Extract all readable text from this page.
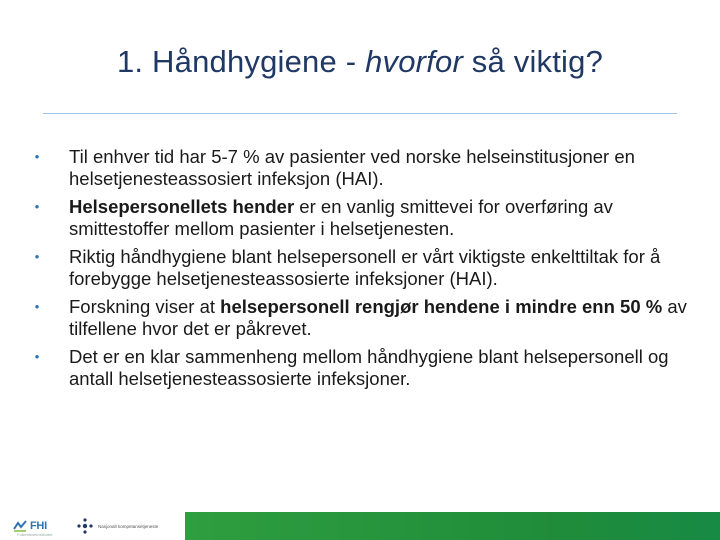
1. Håndhygiene - hvorfor så viktig?
• Til enhver tid har 5-7 % av pasienter ved norske helseinstitusjoner en helsetjenesteassosiert infeksjon (HAI).
• Helsepersonellets hender er en vanlig smittevei for overføring av smittestoffer mellom pasienter i helsetjenesten.
• Riktig håndhygiene blant helsepersonell er vårt viktigste enkelttiltak for å forebygge helsetjenesteassosierte infeksjoner (HAI).
• Forskning viser at helsepersonell rengjør hendene i mindre enn 50 % av tilfellene hvor det er påkrevet.
• Det er en klar sammenheng mellom håndhygiene blant helsepersonell og antall helsetjenesteassosierte infeksjoner.
FHI
Folkehelseinstituttet
Nasjonalt kompetansetjeneste
